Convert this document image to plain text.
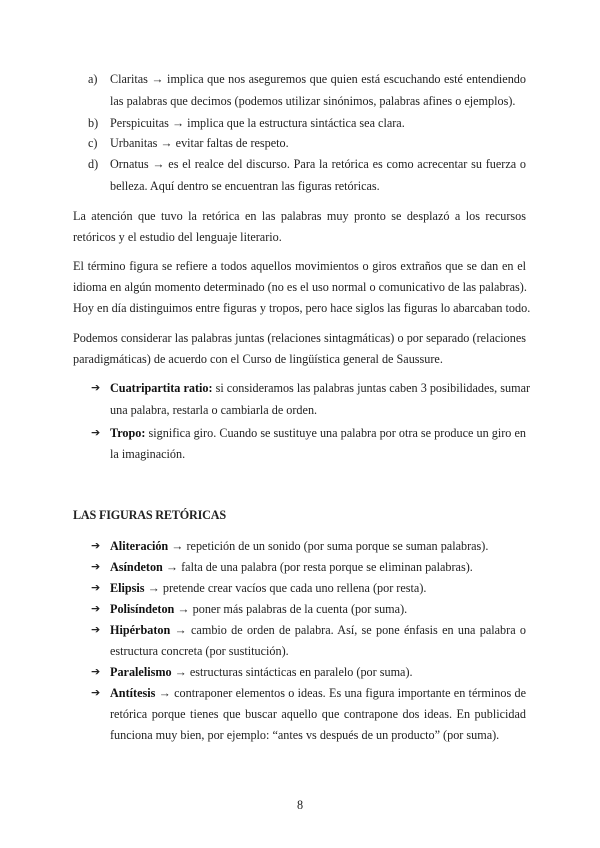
a) Claritas → implica que nos aseguremos que quien está escuchando esté entendiendo
las palabras que decimos (podemos utilizar sinónimos, palabras afines o ejemplos).
b) Perspicuitas → implica que la estructura sintáctica sea clara.
c) Urbanitas → evitar faltas de respeto.
d) Ornatus → es el realce del discurso. Para la retórica es como acrecentar su fuerza o
belleza. Aquí dentro se encuentran las figuras retóricas.
La atención que tuvo la retórica en las palabras muy pronto se desplazó a los recursos
retóricos y el estudio del lenguaje literario.
El término figura se refiere a todos aquellos movimientos o giros extraños que se dan en el
idioma en algún momento determinado (no es el uso normal o comunicativo de las palabras).
Hoy en día distinguimos entre figuras y tropos, pero hace siglos las figuras lo abarcaban todo.
Podemos considerar las palabras juntas (relaciones sintagmáticas) o por separado (relaciones
paradigmáticas) de acuerdo con el Curso de lingüística general de Saussure.
➔ Cuatripartita ratio: si consideramos las palabras juntas caben 3 posibilidades, sumar
una palabra, restarla o cambiarla de orden.
➔ Tropo: significa giro. Cuando se sustituye una palabra por otra se produce un giro en
la imaginación.
LAS FIGURAS RETÓRICAS
➔ Aliteración → repetición de un sonido (por suma porque se suman palabras).
➔ Asíndeton → falta de una palabra (por resta porque se eliminan palabras).
➔ Elipsis → pretende crear vacíos que cada uno rellena (por resta).
➔ Polisíndeton → poner más palabras de la cuenta (por suma).
➔ Hipérbaton → cambio de orden de palabra. Así, se pone énfasis en una palabra o
estructura concreta (por sustitución).
➔ Paralelismo → estructuras sintácticas en paralelo (por suma).
➔ Antítesis → contraponer elementos o ideas. Es una figura importante en términos de
retórica porque tienes que buscar aquello que contrapone dos ideas. En publicidad
funciona muy bien, por ejemplo: “antes vs después de un producto” (por suma).
8
